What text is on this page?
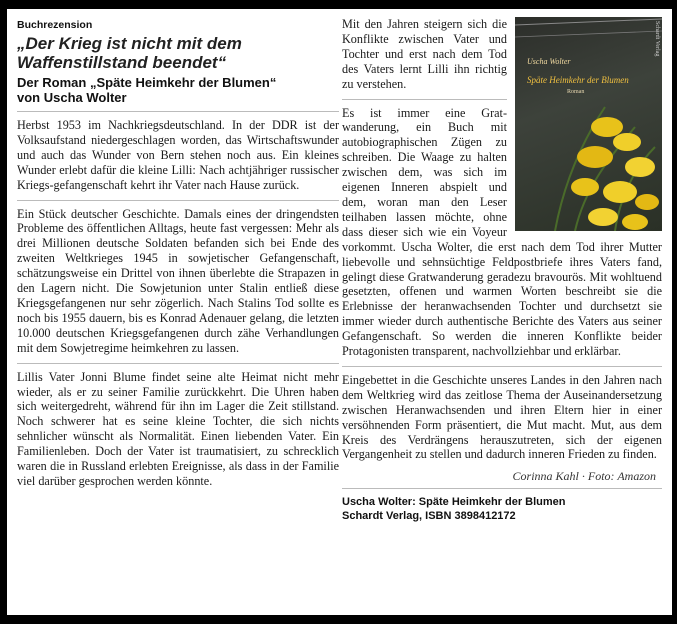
Buchrezension

„Der Krieg ist nicht mit dem
Waffenstillstand beendet“
Der Roman „Späte Heimkehr der Blumen“
von Uscha Wolter

Herbst 1953 im Nachkriegsdeutschland. In der DDR ist der Volksaufstand niedergeschlagen worden, das Wirtschaftswunder und auch das Wunder von Bern stehen noch aus. Ein kleines Wunder erlebt dafür die kleine Lilli: Nach achtjähriger russischer Kriegs-gefangenschaft kehrt ihr Vater nach Hause zurück.

Ein Stück deutscher Geschichte. Damals eines der dringendsten Probleme des öffentlichen Alltags, heute fast vergessen: Mehr als drei Millionen deutsche Soldaten befanden sich bei Ende des zweiten Weltkrieges 1945 in sowjetischer Gefangenschaft, schätzungsweise ein Drittel von ihnen überlebte die Strapazen in den Lagern nicht. Die Sowjetunion unter Stalin entließ diese Kriegsgefangenen nur sehr zögerlich. Nach Stalins Tod sollte es noch bis 1955 dauern, bis es Konrad Adenauer gelang, die letzten 10.000 deutschen Kriegsgefangenen durch zähe Verhandlungen mit dem Sowjetregime heimkehren zu lassen.

Lillis Vater Jonni Blume findet seine alte Heimat nicht mehr wieder, als er zu seiner Familie zurückkehrt. Die Uhren haben sich weitergedreht, während für ihn im Lager die Zeit stillstand. Noch schwerer hat es seine kleine Tochter, die sich nichts sehnlicher wünscht als Normalität. Einen liebenden Vater. Ein Familienleben. Doch der Vater ist traumatisiert, zu schrecklich waren die in Russland erlebten Ereignisse, als dass in der Familie viel darüber gesprochen werden könnte.

Schardt Verlag
Uscha Wolter
Späte Heimkehr der Blumen
Roman

Mit den Jahren steigern sich die Konflikte zwischen Vater und Tochter und erst nach dem Tod des Vaters lernt Lilli ihn richtig zu verstehen.

Es ist immer eine Grat-wanderung, ein Buch mit autobiographischen Zügen zu schreiben. Die Waage zu halten zwischen dem, was sich im eigenen Inneren abspielt und dem, woran man den Leser teilhaben lassen möchte, ohne dass dieser sich wie ein Voyeur vorkommt. Uscha Wolter, die erst nach dem Tod ihrer Mutter liebevolle und sehnsüchtige Feldpostbriefe ihres Vaters fand, gelingt diese Gratwanderung geradezu bravourös. Mit wohltuend gesetzten, offenen und warmen Worten beschreibt sie die Erlebnisse der heranwachsenden Tochter und durchsetzt sie immer wieder durch authentische Berichte des Vaters aus seiner Gefangenschaft. So werden die inneren Konflikte beider Protagonisten transparent, nachvollziehbar und erklärbar.

Eingebettet in die Geschichte unseres Landes in den Jahren nach dem Weltkrieg wird das zeitlose Thema der Auseinandersetzung zwischen Heranwachsenden und ihren Eltern hier in einer versöhnenden Form präsentiert, die Mut macht. Mut, aus dem Kreis des Verdrängens herauszutreten, sich der eigenen Vergangenheit zu stellen und dadurch inneren Frieden zu finden.

Corinna Kahl · Foto: Amazon

Uscha Wolter: Späte Heimkehr der Blumen
Schardt Verlag, ISBN 3898412172
